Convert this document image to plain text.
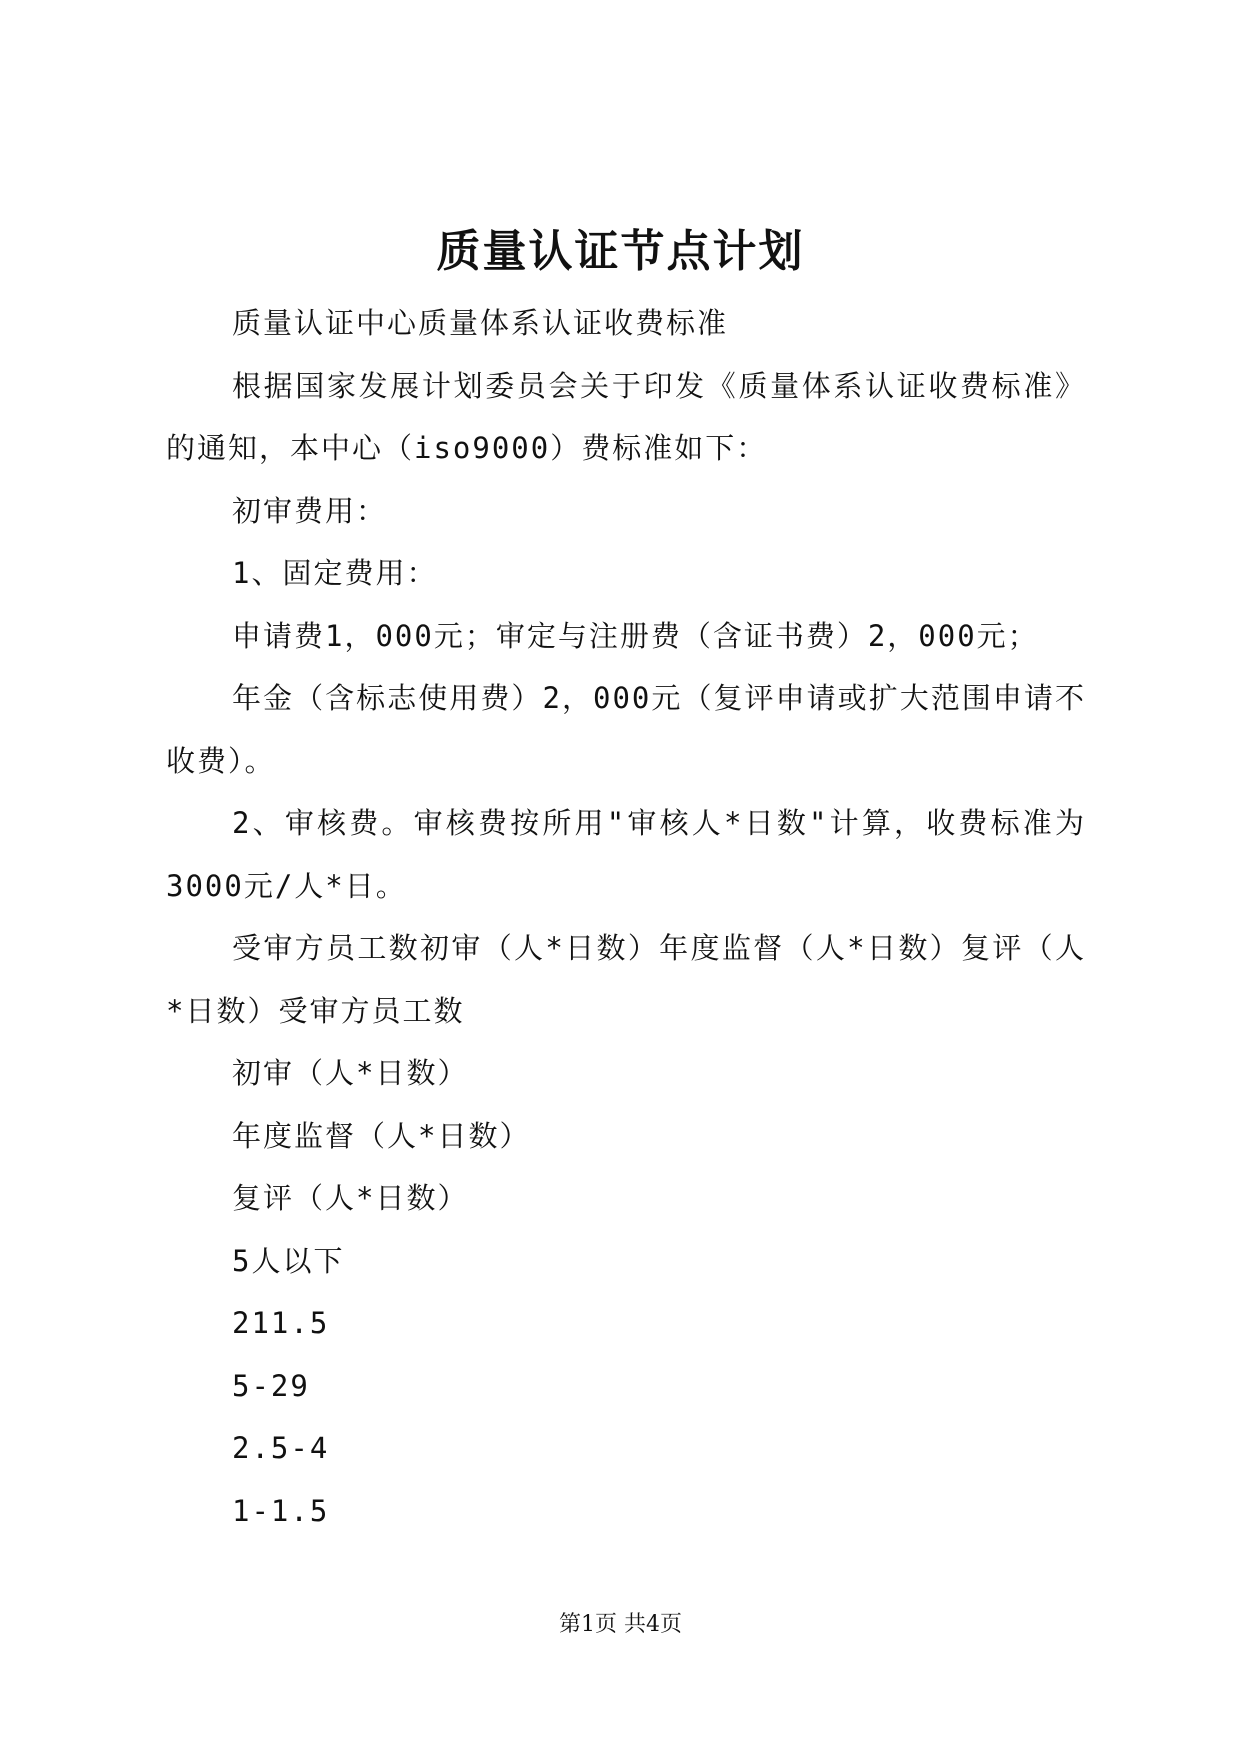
质量认证节点计划

质量认证中心质量体系认证收费标准

根据国家发展计划委员会关于印发《质量体系认证收费标准》的通知，本中心（iso9000）费标准如下：

初审费用：

1、固定费用：

申请费1，000元；审定与注册费（含证书费）2，000元；

年金（含标志使用费）2，000元（复评申请或扩大范围申请不收费）。

2、审核费。审核费按所用"审核人*日数"计算，收费标准为3000元/人*日。

受审方员工数初审（人*日数）年度监督（人*日数）复评（人*日数）受审方员工数

初审（人*日数）

年度监督（人*日数）

复评（人*日数）

5人以下

211.5

5-29

2.5-4

1-1.5

第1页 共4页
